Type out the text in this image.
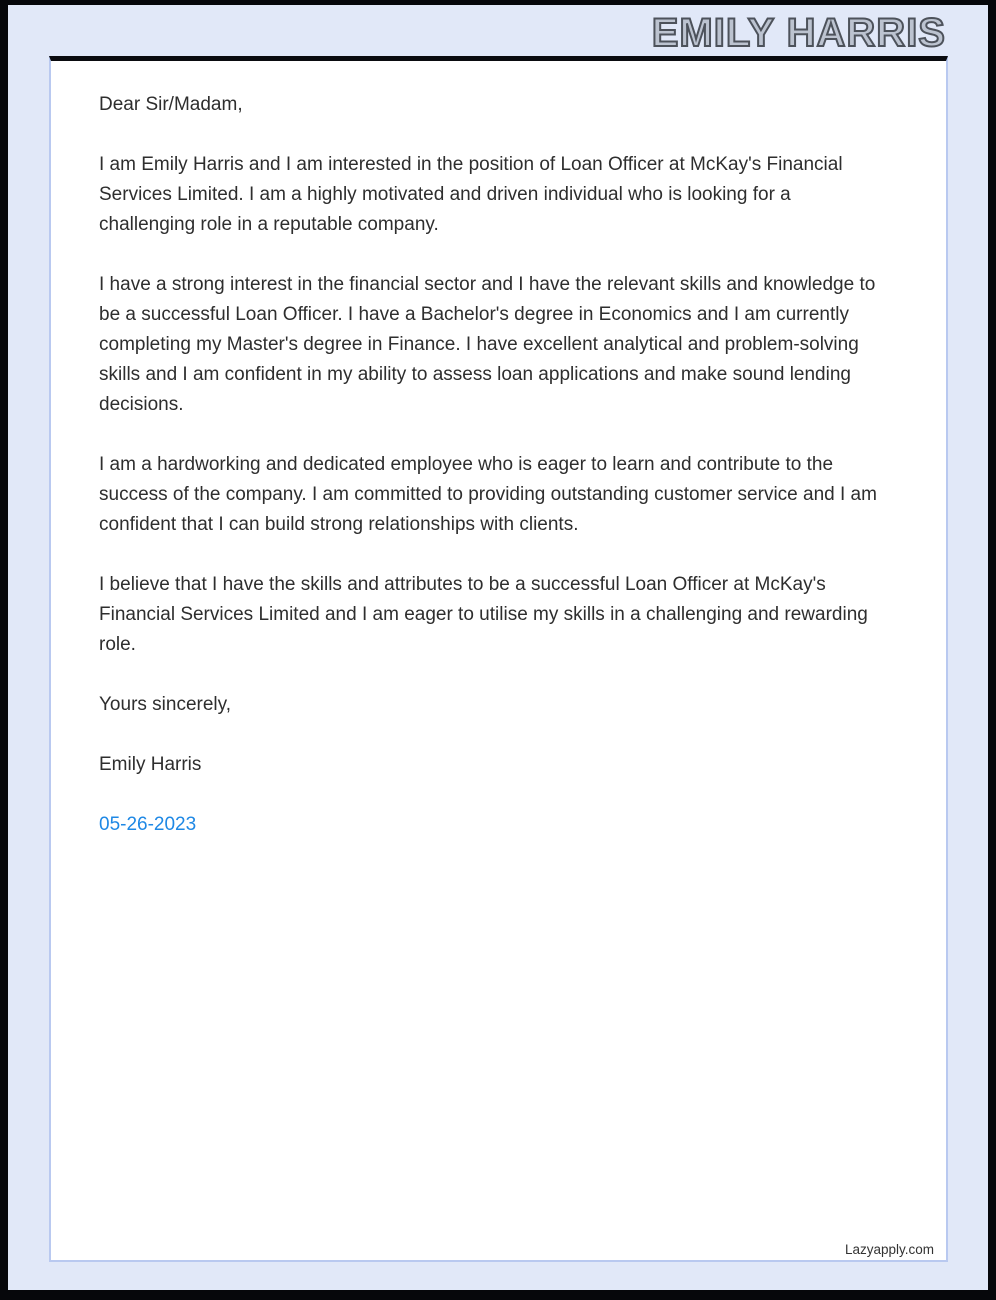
EMILY HARRIS

Dear Sir/Madam,

I am Emily Harris and I am interested in the position of Loan Officer at McKay's Financial Services Limited. I am a highly motivated and driven individual who is looking for a challenging role in a reputable company.

I have a strong interest in the financial sector and I have the relevant skills and knowledge to be a successful Loan Officer. I have a Bachelor's degree in Economics and I am currently completing my Master's degree in Finance. I have excellent analytical and problem-solving skills and I am confident in my ability to assess loan applications and make sound lending decisions.

I am a hardworking and dedicated employee who is eager to learn and contribute to the success of the company. I am committed to providing outstanding customer service and I am confident that I can build strong relationships with clients.

I believe that I have the skills and attributes to be a successful Loan Officer at McKay's Financial Services Limited and I am eager to utilise my skills in a challenging and rewarding role.

Yours sincerely,

Emily Harris

05-26-2023

Lazyapply.com
